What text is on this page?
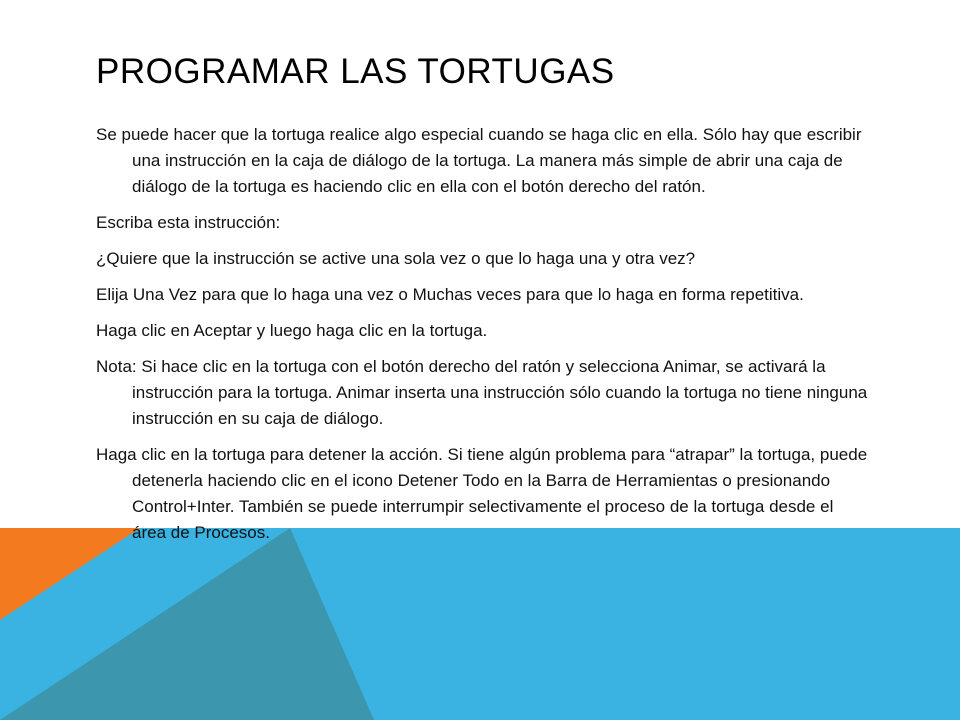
PROGRAMAR LAS TORTUGAS

Se puede hacer que la tortuga realice algo especial cuando se haga clic en ella. Sólo hay que escribir una instrucción en la caja de diálogo de la tortuga. La manera más simple de abrir una caja de diálogo de la tortuga es haciendo clic en ella con el botón derecho del ratón.

Escriba esta instrucción:

¿Quiere que la instrucción se active una sola vez o que lo haga una y otra vez?

Elija Una Vez para que lo haga una vez o Muchas veces para que lo haga en forma repetitiva.

Haga clic en Aceptar y luego haga clic en la tortuga.

Nota: Si hace clic en la tortuga con el botón derecho del ratón y selecciona Animar, se activará la instrucción para la tortuga. Animar inserta una instrucción sólo cuando la tortuga no tiene ninguna instrucción en su caja de diálogo.

Haga clic en la tortuga para detener la acción. Si tiene algún problema para “atrapar” la tortuga, puede detenerla haciendo clic en el icono Detener Todo en la Barra de Herramientas o presionando Control+Inter. También se puede interrumpir selectivamente el proceso de la tortuga desde el área de Procesos.
